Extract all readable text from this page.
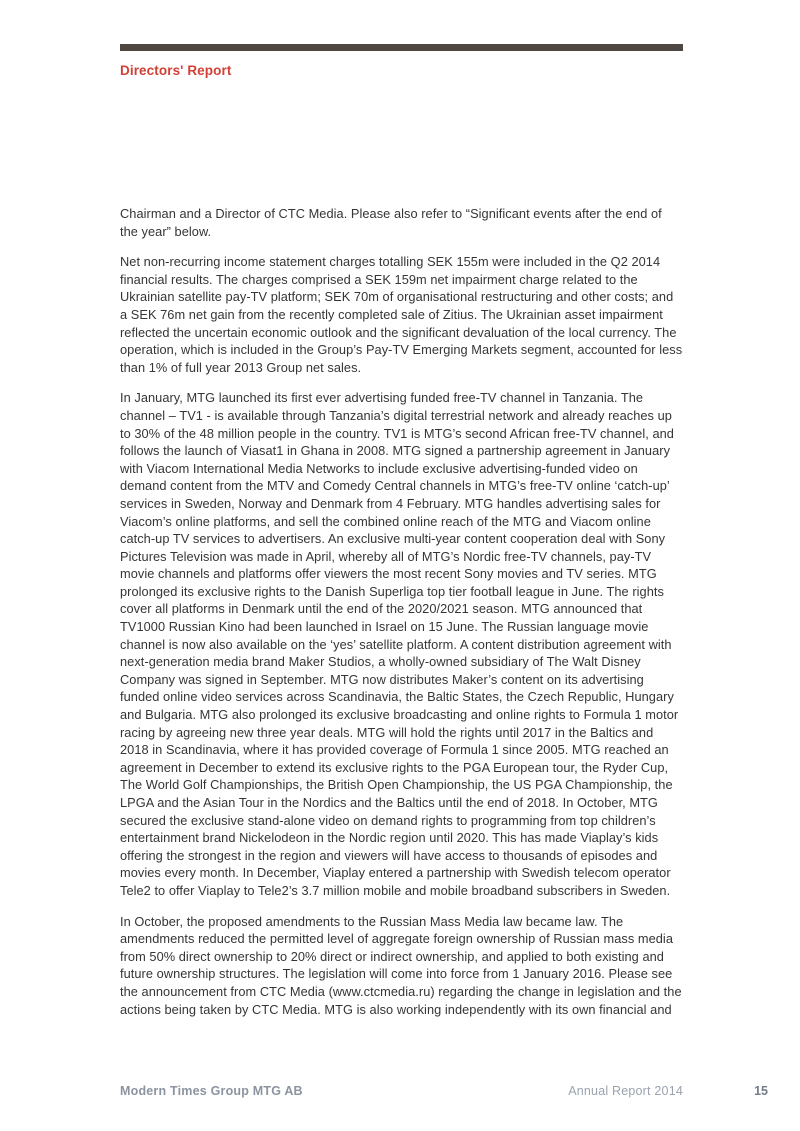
Directors' Report

Chairman and a Director of CTC Media. Please also refer to “Significant events after the end of the year” below.

Net non-recurring income statement charges totalling SEK 155m were included in the Q2 2014 financial results. The charges comprised a SEK 159m net impairment charge related to the Ukrainian satellite pay-TV platform; SEK 70m of organisational restructuring and other costs; and a SEK 76m net gain from the recently completed sale of Zitius. The Ukrainian asset impairment reflected the uncertain economic outlook and the significant devaluation of the local currency. The operation, which is included in the Group’s Pay-TV Emerging Markets segment, accounted for less than 1% of full year 2013 Group net sales.

In January, MTG launched its first ever advertising funded free-TV channel in Tanzania. The channel – TV1 - is available through Tanzania’s digital terrestrial network and already reaches up to 30% of the 48 million people in the country. TV1 is MTG’s second African free-TV channel, and follows the launch of Viasat1 in Ghana in 2008. MTG signed a partnership agreement in January with Viacom International Media Networks to include exclusive advertising-funded video on demand content from the MTV and Comedy Central channels in MTG’s free-TV online ‘catch-up’ services in Sweden, Norway and Denmark from 4 February. MTG handles advertising sales for Viacom’s online platforms, and sell the combined online reach of the MTG and Viacom online catch-up TV services to advertisers. An exclusive multi-year content cooperation deal with Sony Pictures Television was made in April, whereby all of MTG’s Nordic free-TV channels, pay-TV movie channels and platforms offer viewers the most recent Sony movies and TV series. MTG prolonged its exclusive rights to the Danish Superliga top tier football league in June. The rights cover all platforms in Denmark until the end of the 2020/2021 season. MTG announced that TV1000 Russian Kino had been launched in Israel on 15 June. The Russian language movie channel is now also available on the ‘yes’ satellite platform. A content distribution agreement with next-generation media brand Maker Studios, a wholly-owned subsidiary of The Walt Disney Company was signed in September. MTG now distributes Maker’s content on its advertising funded online video services across Scandinavia, the Baltic States, the Czech Republic, Hungary and Bulgaria. MTG also prolonged its exclusive broadcasting and online rights to Formula 1 motor racing by agreeing new three year deals. MTG will hold the rights until 2017 in the Baltics and 2018 in Scandinavia, where it has provided coverage of Formula 1 since 2005. MTG reached an agreement in December to extend its exclusive rights to the PGA European tour, the Ryder Cup, The World Golf Championships, the British Open Championship, the US PGA Championship, the LPGA and the Asian Tour in the Nordics and the Baltics until the end of 2018. In October, MTG secured the exclusive stand-alone video on demand rights to programming from top children’s entertainment brand Nickelodeon in the Nordic region until 2020. This has made Viaplay’s kids offering the strongest in the region and viewers will have access to thousands of episodes and movies every month. In December, Viaplay entered a partnership with Swedish telecom operator Tele2 to offer Viaplay to Tele2’s 3.7 million mobile and mobile broadband subscribers in Sweden.

In October, the proposed amendments to the Russian Mass Media law became law. The amendments reduced the permitted level of aggregate foreign ownership of Russian mass media from 50% direct ownership to 20% direct or indirect ownership, and applied to both existing and future ownership structures. The legislation will come into force from 1 January 2016. Please see the announcement from CTC Media (www.ctcmedia.ru) regarding the change in legislation and the actions being taken by CTC Media. MTG is also working independently with its own financial and

Modern Times Group MTG AB	Annual Report 2014	15
